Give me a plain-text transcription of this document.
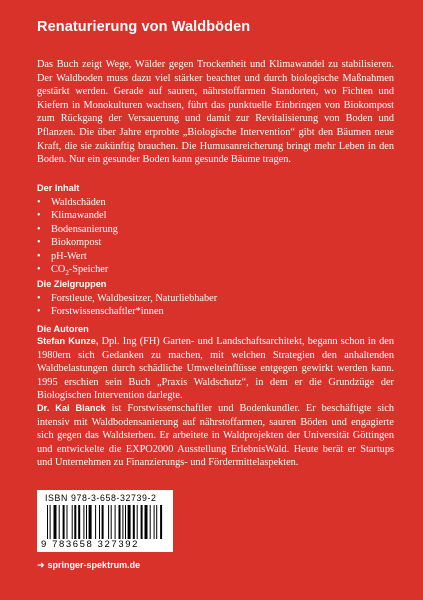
Renaturierung von Waldböden

Das Buch zeigt Wege, Wälder gegen Trockenheit und Klimawandel zu stabilisieren. Der Waldboden muss dazu viel stärker beachtet und durch biologische Maßnahmen gestärkt werden. Gerade auf sauren, nährstoffarmen Standorten, wo Fichten und Kiefern in Monokulturen wachsen, führt das punktuelle Einbringen von Biokompost zum Rückgang der Versauerung und damit zur Revitalisierung von Boden und Pflanzen. Die über Jahre erprobte „Biologische Intervention“ gibt den Bäumen neue Kraft, die sie zukünftig brauchen. Die Humusanreicherung bringt mehr Leben in den Boden. Nur ein gesunder Boden kann gesunde Bäume tragen.

Der Inhalt
• Waldschäden
• Klimawandel
• Bodensanierung
• Biokompost
• pH-Wert
• $CO_2$-Speicher
Die Zielgruppen
• Forstleute, Waldbesitzer, Naturliebhaber
• Forstwissenschaftler*innen
Die Autoren

Stefan Kunze, Dpl. Ing (FH) Garten- und Landschaftsarchitekt, begann schon in den 1980ern sich Gedanken zu machen, mit welchen Strategien den anhaltenden Waldbelastungen durch schädliche Umwelteinflüsse entgegen gewirkt werden kann. 1995 erschien sein Buch „Praxis Waldschutz“, in dem er die Grundzüge der Biologischen Intervention darlegte.

Dr. Kai Blanck ist Forstwissenschaftler und Bodenkundler. Er beschäftigte sich intensiv mit Waldbodensanierung auf nährstoffarmen, sauren Böden und engagierte sich gegen das Waldsterben. Er arbeitete in Waldprojekten der Universität Göttingen und entwickelte die EXPO2000 Ausstellung ErlebnisWald. Heute berät er Startups und Unternehmen zu Finanzierungs- und Fördermittelaspekten.

ISBN 978-3-658-32739-2
9 783658 327392
➜ springer-spektrum.de
